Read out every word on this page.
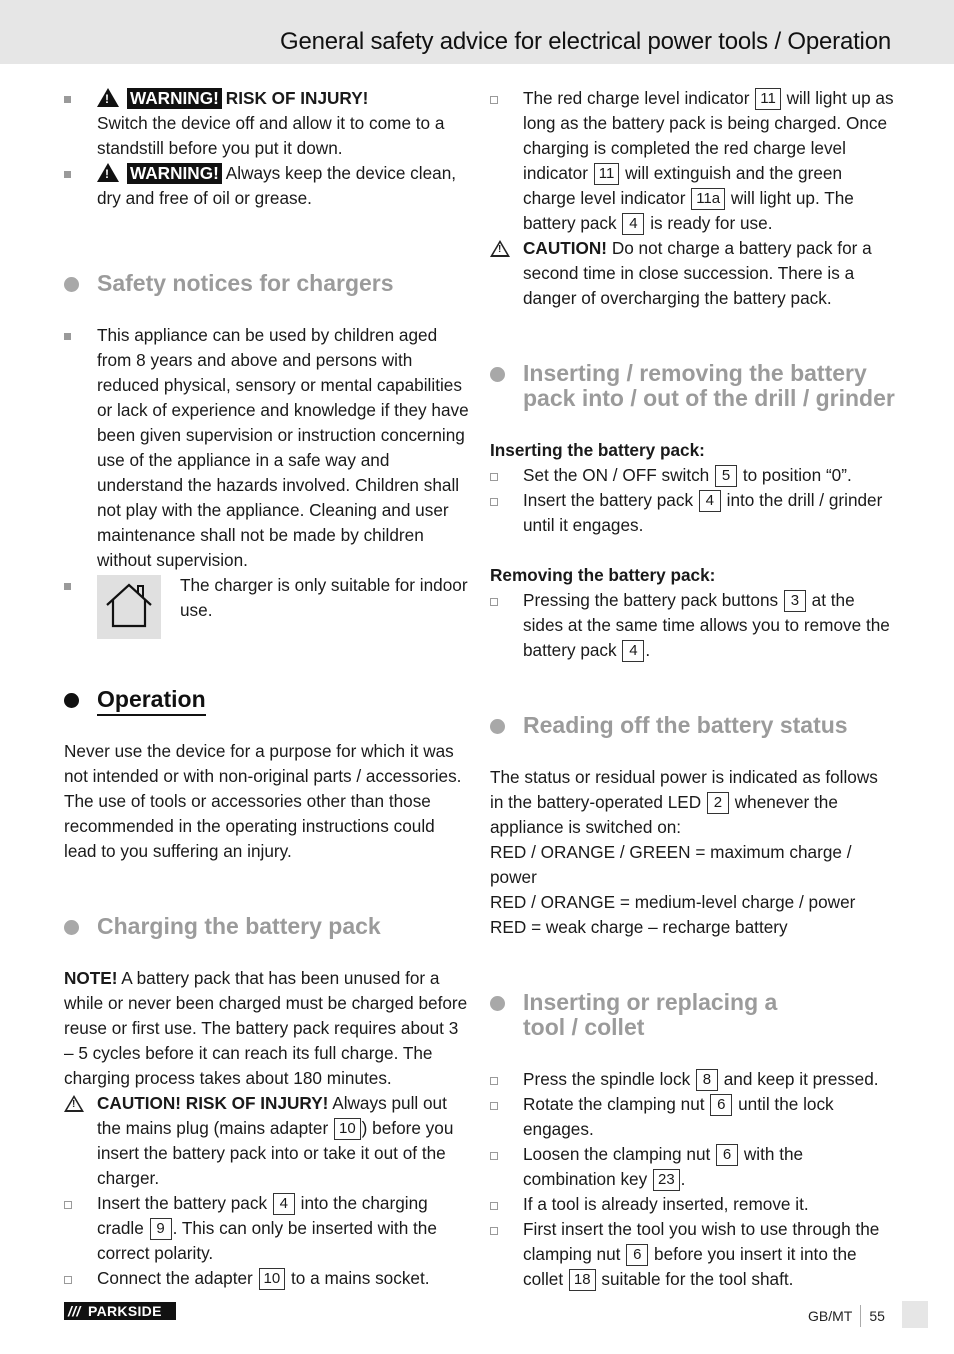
General safety advice for electrical power tools / Operation
!WARNING! RISK OF INJURY!
Switch the device off and allow it to come to a standstill before you put it down.
!WARNING! Always keep the device clean, dry and free of oil or grease.
Safety notices for chargers
This appliance can be used by children aged from 8 years and above and persons with reduced physical, sensory or mental capabilities or lack of experience and knowledge if they have been given supervision or instruction concerning use of the appliance in a safe way and understand the hazards involved. Children shall not play with the appliance. Cleaning and user maintenance shall not be made by children without supervision.
The charger is only suitable for indoor use.
Operation
Never use the device for a purpose for which it was not intended or with non-original parts / accessories. The use of tools or accessories other than those recommended in the operating instructions could lead to you suffering an injury.
Charging the battery pack
NOTE! A battery pack that has been unused for a while or never been charged must be charged before reuse or first use. The battery pack requires about 3 – 5 cycles before it can reach its full charge. The charging process takes about 180 minutes.
!
CAUTION! RISK OF INJURY! Always pull out the mains plug (mains adapter 10 ) before you insert the battery pack into or take it out of the charger.
Insert the battery pack 4 into the charging cradle 9 . This can only be inserted with the correct polarity.
Connect the adapter 10 to a mains socket.
The red charge level indicator 11 will light up as long as the battery pack is being charged. Once charging is completed the red charge level indicator 11 will extinguish and the green charge level indicator 11a will light up. The battery pack 4 is ready for use.
!
CAUTION! Do not charge a battery pack for a second time in close succession. There is a danger of overcharging the battery pack.
Inserting / removing the battery pack into / out of the drill / grinder
Inserting the battery pack:
Set the ON / OFF switch 5 to position “0”.
Insert the battery pack 4 into the drill / grinder until it engages.
Removing the battery pack:
Pressing the battery pack buttons 3 at the sides at the same time allows you to remove the battery pack 4 .
Reading off the battery status
The status or residual power is indicated as follows in the battery-operated LED 2 whenever the appliance is switched on:
RED / ORANGE / GREEN = maximum charge / power
RED / ORANGE = medium-level charge / power
RED = weak charge – recharge battery
Inserting or replacing a tool / collet
Press the spindle lock 8 and keep it pressed.
Rotate the clamping nut 6 until the lock engages.
Loosen the clamping nut 6 with the combination key 23 .
If a tool is already inserted, remove it.
First insert the tool you wish to use through the clamping nut 6 before you insert it into the collet 18 suitable for the tool shaft.
/// PARKSIDE	GB/MT 55
